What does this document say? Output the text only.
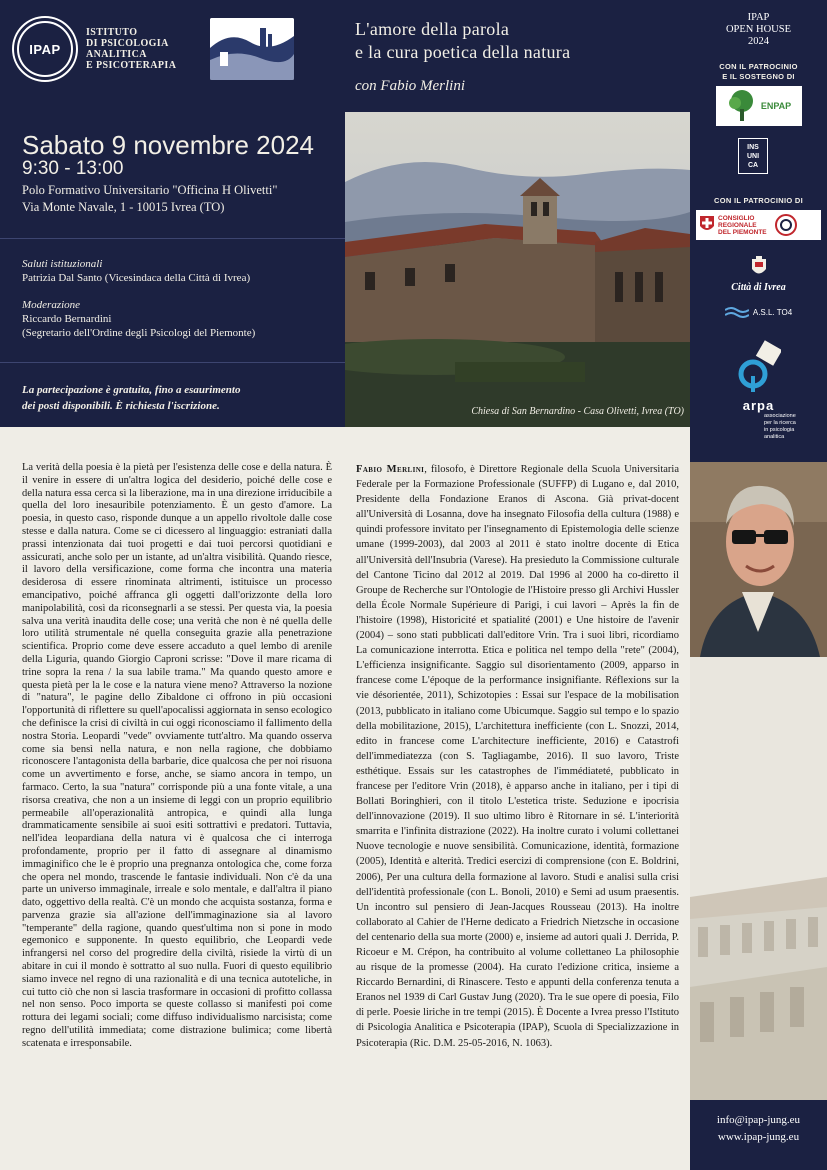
IPAP
ISTITUTO
DI PSICOLOGIA
ANALITICA
E PSICOTERAPIA
Sabato 9 novembre 2024
9:30 - 13:00
Polo Formativo Universitario "Officina H Olivetti"
Via Monte Navale, 1 - 10015 Ivrea (TO)
Saluti istituzionali
Patrizia Dal Santo (Vicesindaca della Città di Ivrea)
Moderazione
Riccardo Bernardini
(Segretario dell'Ordine degli Psicologi del Piemonte)
La partecipazione è gratuita, fino a esaurimento
dei posti disponibili. È richiesta l'iscrizione.
L'amore della parola
e la cura poetica della natura
con Fabio Merlini
Chiesa di San Bernardino - Casa Olivetti, Ivrea (TO)
IPAP
OPEN HOUSE
2024
CON IL PATROCINIO
E IL SOSTEGNO DI
ENPAP
INS
UNI
CA
CON IL PATROCINIO DI
CONSIGLIO
REGIONALE
DEL PIEMONTE
Città di Ivrea
A.S.L. TO4
arpa
associazione
per la ricerca
in psicologia
analitica
info@ipap-jung.eu
www.ipap-jung.eu
La verità della poesia è la pietà per l'esistenza delle cose e della natura. È il venire in essere di un'altra logica del desiderio, poiché delle cose e della natura essa cerca sì la liberazione, ma in una direzione irriducibile a quella del loro inesauribile potenziamento. È un gesto d'amore. La poesia, in questo caso, risponde dunque a un appello rivoltole dalle cose stesse e dalla natura. Come se ci dicessero al linguaggio: estraniati dalla prassi intenzionata dai tuoi progetti e dai tuoi percorsi quotidiani e assicurati, anche solo per un istante, ad un'altra visibilità. Quando riesce, il lavoro della versificazione, come forma che incontra una materia desiderosa di essere rinominata altrimenti, istituisce un processo emancipativo, poiché affranca gli oggetti dall'orizzonte della loro manipolabilità, così da riconsegnarli a se stessi. Per questa via, la poesia salva una verità inaudita delle cose; una verità che non è né quella delle loro utilità strumentale né quella conseguita grazie alla penetrazione scientifica. Proprio come deve essere accaduto a quel lembo di arenile della Liguria, quando Giorgio Caproni scrisse: "Dove il mare ricama di trine sopra la rena / la sua labile trama." Ma quando questo amore e questa pietà per la le cose e la natura viene meno? Attraverso la nozione di "natura", le pagine dello Zibaldone ci offrono in più occasioni l'opportunità di riflettere su quell'apocalissi aggiornata in senso ecologico che definisce la crisi di civiltà in cui oggi riconosciamo il fallimento della nostra Storia. Leopardi "vede" ovviamente tutt'altro. Ma quando osserva come sia bensì nella natura, e non nella ragione, che dobbiamo riconoscere l'antagonista della barbarie, dice qualcosa che per noi risuona come un avvertimento e forse, anche, se siamo ancora in tempo, un farmaco. Certo, la sua "natura" corrisponde più a una fonte vitale, a una risorsa creativa, che non a un insieme di leggi con un proprio equilibrio permeabile all'operazionalità antropica, e quindi alla lunga drammaticamente sensibile ai suoi esiti sottrattivi e predatori. Tuttavia, nell'idea leopardiana della natura vi è qualcosa che ci interroga profondamente, proprio per il fatto di assegnare al dinamismo immaginifico che le è proprio una pregnanza ontologica che, come forza che opera nel mondo, trascende le fantasie individuali. Non c'è da una parte un universo immaginale, irreale e solo mentale, e dall'altra il piano dato, oggettivo della realtà. C'è un mondo che acquista sostanza, forma e parvenza grazie sia all'azione dell'immaginazione sia al lavoro "temperante" della ragione, quando quest'ultima non si pone in modo egemonico e supponente. In questo equilibrio, che Leopardi vede infrangersi nel corso del progredire della civiltà, risiede la virtù di un abitare in cui il mondo è sottratto al suo nulla. Fuori di questo equilibrio siamo invece nel regno di una razionalità e di una tecnica autoteliche, in cui tutto ciò che non si lascia trasformare in occasioni di profitto collassa nel non senso. Poco importa se queste collasso si manifesti poi come rottura dei legami sociali; come diffuso individualismo narcisista; come regno dell'utilità immediata; come distrazione bulimica; come libertà scatenata e irresponsabile.
Fabio Merlini, filosofo, è Direttore Regionale della Scuola Universitaria Federale per la Formazione Professionale (SUFFP) di Lugano e, dal 2010, Presidente della Fondazione Eranos di Ascona. Già privat-docent all'Università di Losanna, dove ha insegnato Filosofia della cultura (1988) e quindi professore invitato per l'insegnamento di Epistemologia delle scienze umane (1999-2003), dal 2003 al 2011 è stato inoltre docente di Etica all'Università dell'Insubria (Varese). Ha presieduto la Commissione culturale del Cantone Ticino dal 2012 al 2019. Dal 1996 al 2000 ha co-diretto il Groupe de Recherche sur l'Ontologie de l'Histoire presso gli Archivi Hussler della École Normale Supérieure di Parigi, i cui lavori – Après la fin de l'histoire (1998), Historicité et spatialité (2001) e Une histoire de l'avenir (2004) – sono stati pubblicati dall'editore Vrin. Tra i suoi libri, ricordiamo La comunicazione interrotta. Etica e politica nel tempo della "rete" (2004), L'efficienza insignificante. Saggio sul disorientamento (2009, apparso in francese come L'époque de la performance insignifiante. Réflexions sur la vie désorientée, 2011), Schizotopies : Essai sur l'espace de la mobilisation (2013, pubblicato in italiano come Ubicumque. Saggio sul tempo e lo spazio della mobilitazione, 2015), L'architettura inefficiente (con L. Snozzi, 2014, edito in francese come L'architecture inefficiente, 2016) e Catastrofi dell'immediatezza (con S. Tagliagambe, 2016). Il suo lavoro, Triste esthétique. Essais sur les catastrophes de l'immédiateté, pubblicato in francese per l'editore Vrin (2018), è apparso anche in italiano, per i tipi di Bollati Boringhieri, con il titolo L'estetica triste. Seduzione e ipocrisia dell'innovazione (2019). Il suo ultimo libro è Ritornare in sé. L'interiorità smarrita e l'infinita distrazione (2022). Ha inoltre curato i volumi collettanei Nuove tecnologie e nuove sensibilità. Comunicazione, identità, formazione (2005), Identità e alterità. Tredici esercizi di comprensione (con E. Boldrini, 2006), Per una cultura della formazione al lavoro. Studi e analisi sulla crisi dell'identità professionale (con L. Bonoli, 2010) e Semi ad usum praesentis. Un incontro sul pensiero di Jean-Jacques Rousseau (2013). Ha inoltre collaborato al Cahier de l'Herne dedicato a Friedrich Nietzsche in occasione del centenario della sua morte (2000) e, insieme ad autori quali J. Derrida, P. Ricoeur e M. Crépon, ha contribuito al volume collettaneo La philosophie au risque de la promesse (2004). Ha curato l'edizione critica, insieme a Riccardo Bernardini, di Rinascere. Testo e appunti della conferenza tenuta a Eranos nel 1939 di Carl Gustav Jung (2020). Tra le sue opere di poesia, Filo di perle. Poesie liriche in tre tempi (2015). È Docente a Ivrea presso l'Istituto di Psicologia Analitica e Psicoterapia (IPAP), Scuola di Specializzazione in Psicoterapia (Ric. D.M. 25-05-2016, N. 1063).
